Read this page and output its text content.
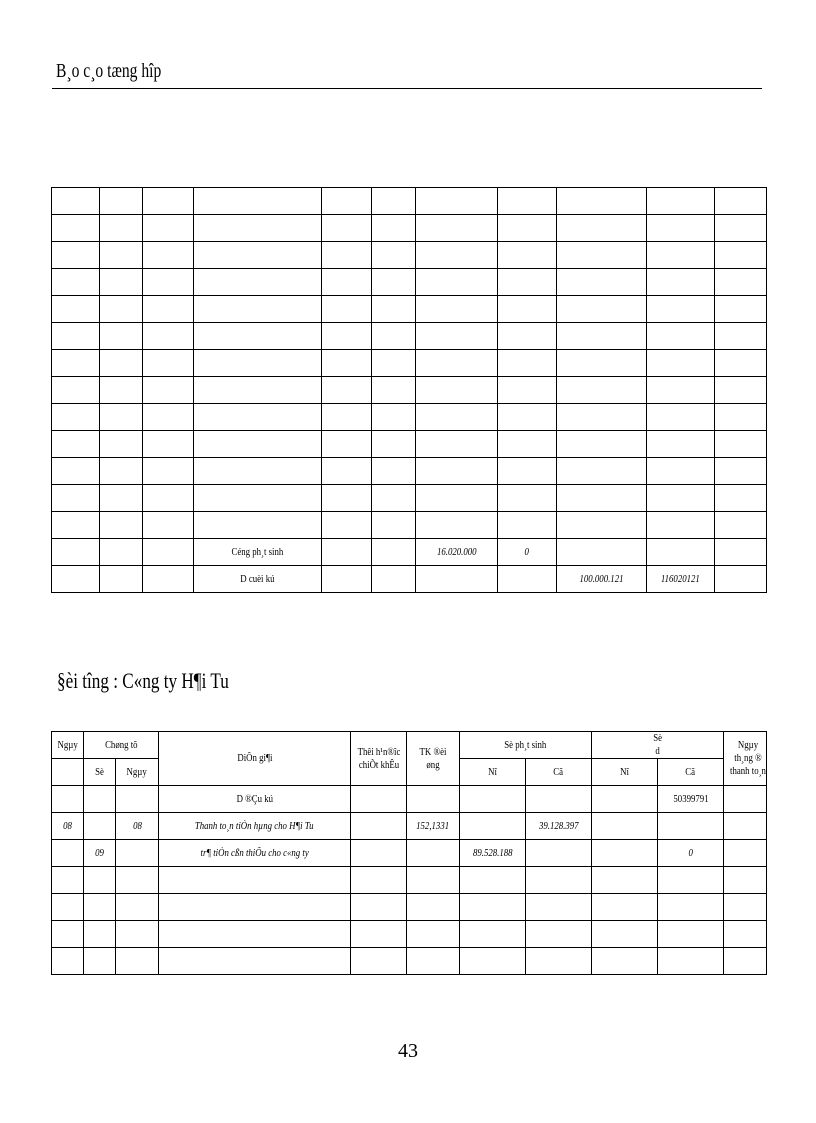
B¸o c¸o tæng hîp

			Céng ph¸t sinh			16.020.000	0			
			D cuèi kú					100.000.121	116020121	
§èi tîng : C«ng ty H¶i Tu
Ngµy	Chøng tõ		DiÔn gi¶i	Thêi h¹n®îc chiÕt khÊu	TK ®èi øng	Sè ph¸t sinh		Sè d		Ngµy th¸ng ® thanh to¸n
	Sè	Ngµy				Nî	Cã	Nî	Cã	

			D ®Çu kú						50399791	
08		08	Thanh to¸n tiÒn hµng cho H¶i Tu		152,1331		39.128.397			
	09		tr¶ tiÒn cßn thiÕu cho c«ng ty			89.528.188			0	

43
